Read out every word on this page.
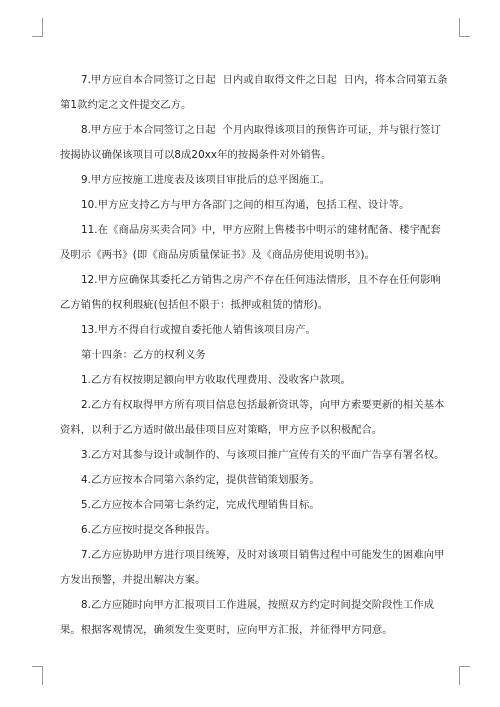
7.甲方应自本合同签订之日起  日内或自取得文件之日起  日内，将本合同第五条第1款约定之文件提交乙方。

8.甲方应于本合同签订之日起  个月内取得该项目的预售许可证，并与银行签订按揭协议确保该项目可以8成20xx年的按揭条件对外销售。

9.甲方应按施工进度表及该项目审批后的总平图施工。

10.甲方应支持乙方与甲方各部门之间的相互沟通，包括工程、设计等。

11.在《商品房买卖合同》中，甲方应附上售楼书中明示的建材配备、楼宇配套及明示《两书》(即《商品房质量保证书》及《商品房使用说明书》)。

12.甲方应确保其委托乙方销售之房产不存在任何违法情形，且不存在任何影响乙方销售的权利瑕疵(包括但不限于：抵押或租赁的情形)。

13.甲方不得自行或擅自委托他人销售该项目房产。

第十四条：乙方的权利义务

1.乙方有权按期足额向甲方收取代理费用、没收客户款项。

2.乙方有权取得甲方所有项目信息包括最新资讯等，向甲方索要更新的相关基本资料，以利于乙方适时做出最佳项目应对策略，甲方应予以积极配合。

3.乙方对其参与设计或制作的、与该项目推广宣传有关的平面广告享有署名权。

4.乙方应按本合同第六条约定，提供营销策划服务。

5.乙方应按本合同第七条约定，完成代理销售目标。

6.乙方应按时提交各种报告。

7.乙方应协助甲方进行项目统筹，及时对该项目销售过程中可能发生的困难向甲方发出预警，并提出解决方案。

8.乙方应随时向甲方汇报项目工作进展，按照双方约定时间提交阶段性工作成果。根据客观情况，确须发生变更时，应向甲方汇报，并征得甲方同意。
